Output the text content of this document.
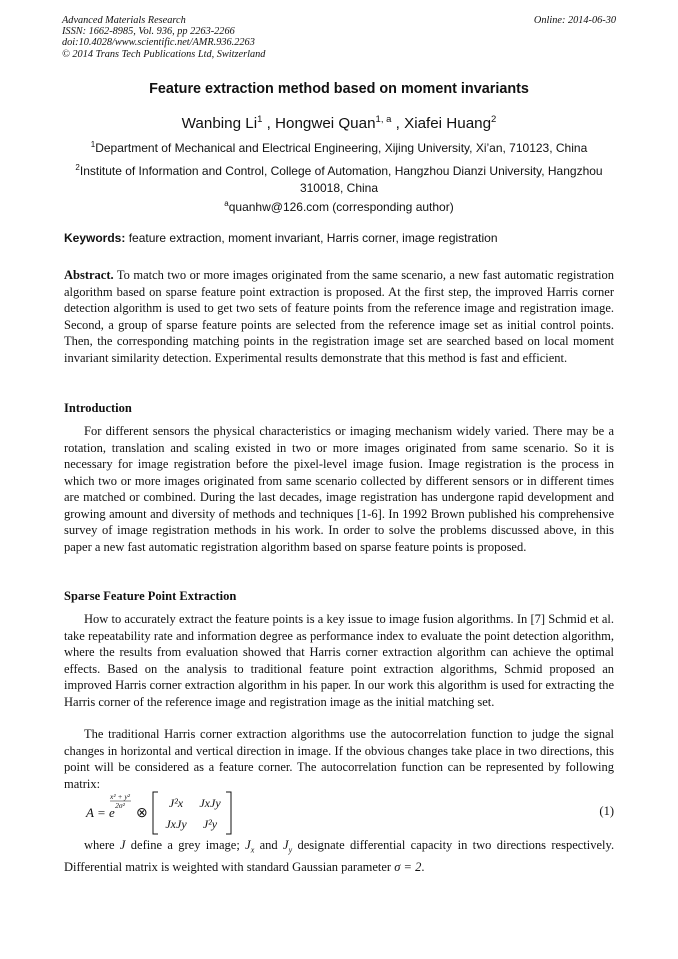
Advanced Materials Research
ISSN: 1662-8985, Vol. 936, pp 2263-2266
doi:10.4028/www.scientific.net/AMR.936.2263
© 2014 Trans Tech Publications Ltd, Switzerland
Online: 2014-06-30
Feature extraction method based on moment invariants
Wanbing Li$^1$ , Hongwei Quan$^{1, a}$ , Xiafei Huang$^2$
$^1$Department of Mechanical and Electrical Engineering, Xijing University, Xi’an, 710123, China
$^2$Institute of Information and Control, College of Automation, Hangzhou Dianzi University, Hangzhou 310018, China
$^a$quanhw@126.com (corresponding author)
Keywords: feature extraction, moment invariant, Harris corner, image registration
Abstract. To match two or more images originated from the same scenario, a new fast automatic registration algorithm based on sparse feature point extraction is proposed. At the first step, the improved Harris corner detection algorithm is used to get two sets of feature points from the reference image and registration image. Second, a group of sparse feature points are selected from the reference image set as initial control points. Then, the corresponding matching points in the registration image set are searched based on local moment invariant similarity detection. Experimental results demonstrate that this method is fast and efficient.
Introduction
For different sensors the physical characteristics or imaging mechanism widely varied. There may be a rotation, translation and scaling existed in two or more images originated from same scenario. So it is necessary for image registration before the pixel-level image fusion. Image registration is the process in which two or more images originated from same scenario collected by different sensors or in different times are matched or combined. During the last decades, image registration has undergone rapid development and growing amount and diversity of methods and techniques [1-6]. In 1992 Brown published his comprehensive survey of image registration methods in his work. In order to solve the problems discussed above, in this paper a new fast automatic registration algorithm based on sparse feature points is proposed.
Sparse Feature Point Extraction
How to accurately extract the feature points is a key issue to image fusion algorithms. In [7] Schmid et al. take repeatability rate and information degree as performance index to evaluate the point detection algorithm, where the results from evaluation showed that Harris corner extraction algorithm can achieve the optimal effects. Based on the analysis to traditional feature point extraction algorithms, Schmid proposed an improved Harris corner extraction algorithm in his paper. In our work this algorithm is used for extracting the Harris corner of the reference image and registration image as the initial matching set.
The traditional Harris corner extraction algorithms use the autocorrelation function to judge the signal changes in horizontal and vertical direction in image. If the obvious changes take place in two directions, this point will be considered as a feature corner. The autocorrelation function can be represented by following matrix:
A = e
x² + y²
2σ²
⊗
J²x JxJy
JxJy J²y
(1)
where J define a grey image; $J_x$ and $J_y$ designate differential capacity in two directions respectively. Differential matrix is weighted with standard Gaussian parameter σ = 2.
